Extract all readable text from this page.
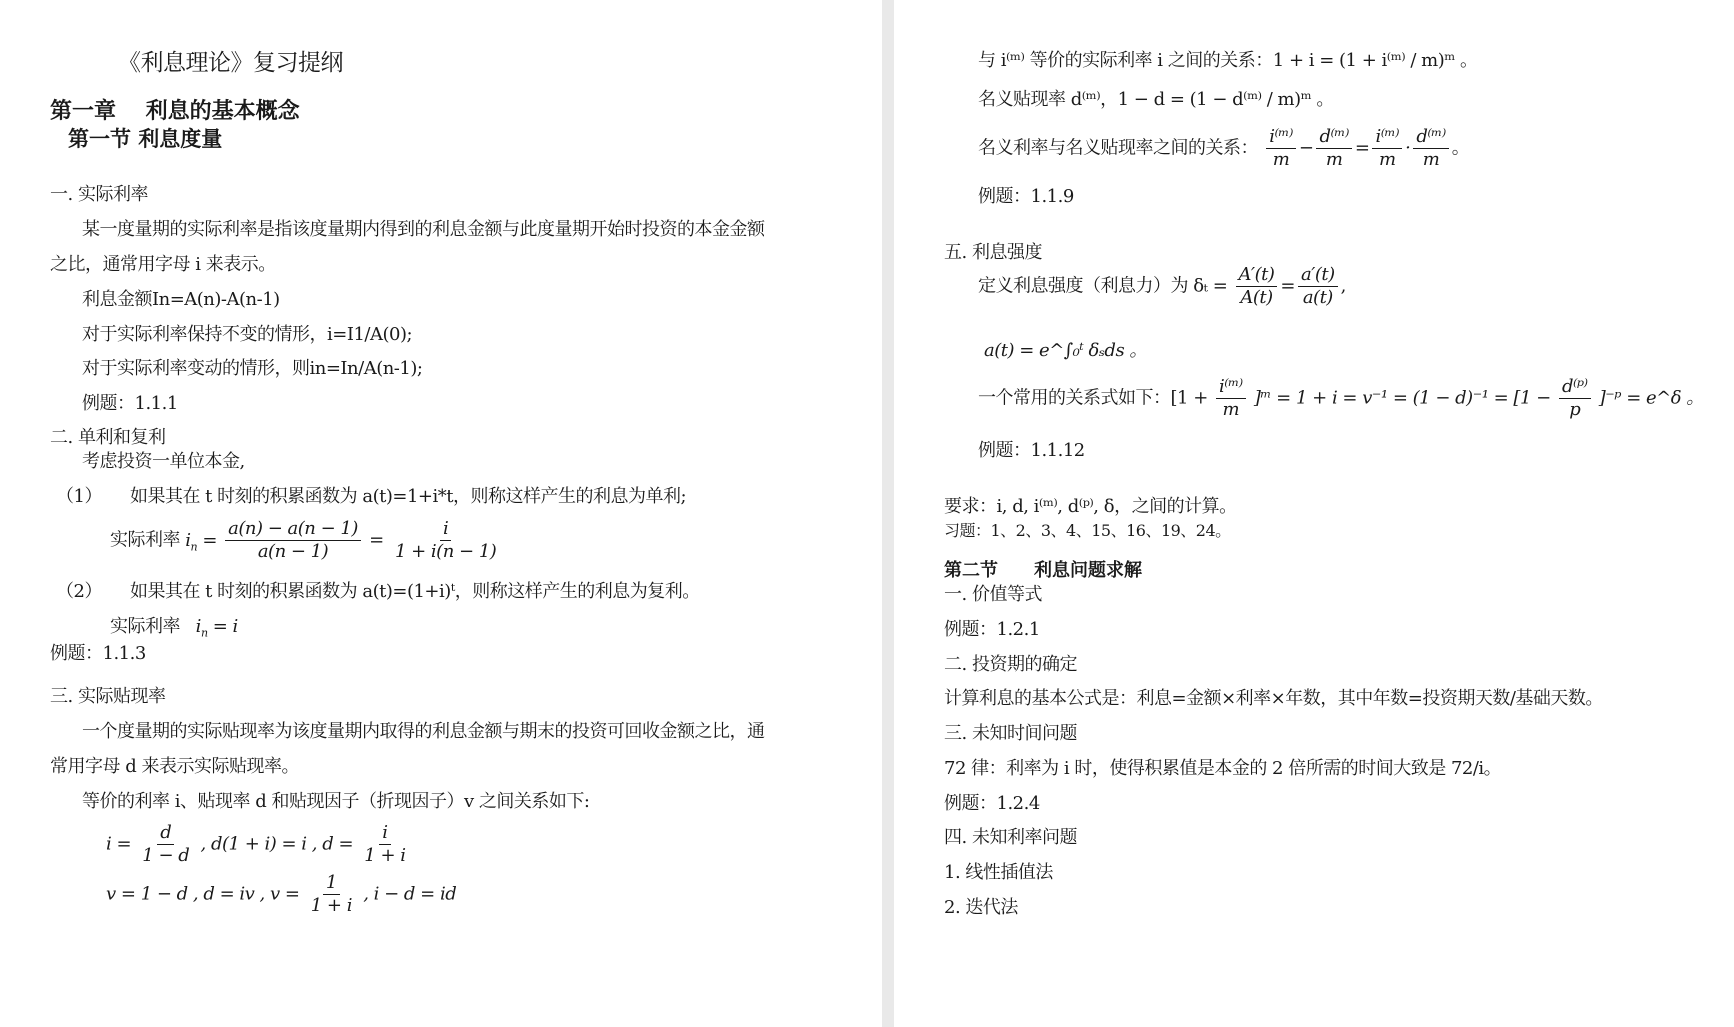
《利息理论》复习提纲
第一章　 利息的基本概念
第一节 利息度量
一. 实际利率
某一度量期的实际利率是指该度量期内得到的利息金额与此度量期开始时投资的本金金额
之比，通常用字母 i 来表示。
利息金额In=A(n)-A(n-1)
对于实际利率保持不变的情形，i=I1/A(0);
对于实际利率变动的情形，则in=In/A(n-1);
例题：1.1.1
二. 单利和复利
考虑投资一单位本金,
（1） 如果其在 t 时刻的积累函数为 a(t)=1+i*t，则称这样产生的利息为单利;
实际利率 $i_n = \frac{a(n) - a(n - 1)}{a(n - 1)} = \frac{i}{1 + i(n - 1)}$
（2） 如果其在 t 时刻的积累函数为 a(t)=(1+i)ᵗ，则称这样产生的利息为复利。
实际利率   $i_n = i$
例题：1.1.3
三. 实际贴现率
一个度量期的实际贴现率为该度量期内取得的利息金额与期末的投资可回收金额之比，通
常用字母 d 来表示实际贴现率。
等价的利率 i、贴现率 d 和贴现因子（折现因子）v 之间关系如下:
$i = \frac{d}{1 - d}$ , d(1 + i) = i , $d = \frac{i}{1 + i}$
v = 1 − d , d = iv , $v = \frac{1}{1 + i}$ , i − d = id
与 i⁽ᵐ⁾ 等价的实际利率 i 之间的关系：1 + i = (1 + i⁽ᵐ⁾ / m)ᵐ 。
名义贴现率 d⁽ᵐ⁾，1 − d = (1 − d⁽ᵐ⁾ / m)ᵐ 。
名义利率与名义贴现率之间的关系： $\frac{\text{i⁽ᵐ⁾}}{m} - \frac{\text{d⁽ᵐ⁾}}{m} = \frac{\text{i⁽ᵐ⁾}}{m} \cdot \frac{\text{d⁽ᵐ⁾}}{m}$ 。
例题：1.1.9
五. 利息强度
定义利息强度（利息力）为 $\delta_t = \frac{A'(t)}{A(t)} = \frac{a'(t)}{a(t)}$ ,
a(t) = e^∫₀ᵗ δₛds 。
一个常用的关系式如下：[$1 + \frac{\text{i⁽ᵐ⁾}}{m}$ ]ᵐ = $1 + i = v^{-1} = (1 - d)^{-1} = [1 - \frac{\text{d⁽ᵖ⁾}}{p}$ ]⁻ᵖ = e^δ 。
例题：1.1.12
要求：i, d, i⁽ᵐ⁾, d⁽ᵖ⁾, δ，之间的计算。
习题：1、2、3、4、15、16、19、24。
第二节　　利息问题求解
一. 价值等式
例题：1.2.1
二. 投资期的确定
计算利息的基本公式是：利息=金额×利率×年数，其中年数=投资期天数/基础天数。
三. 未知时间问题
72 律：利率为 i 时，使得积累值是本金的 2 倍所需的时间大致是 72/i。
例题：1.2.4
四. 未知利率问题
1. 线性插值法
2. 迭代法
